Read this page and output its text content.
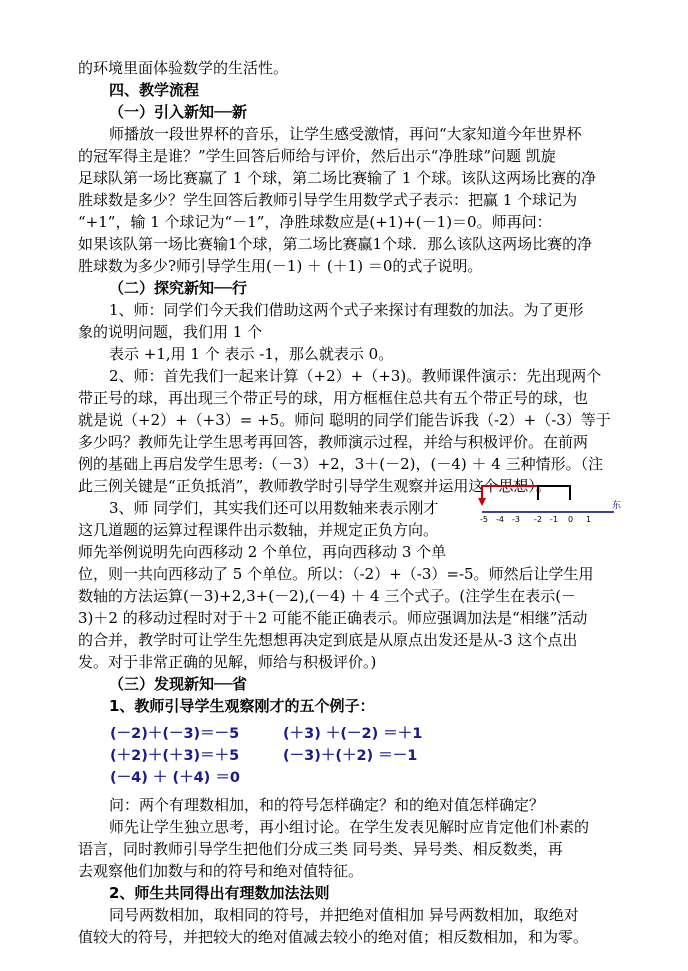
的环境里面体验数学的生活性。
四、教学流程
（一）引入新知──新
师播放一段世界杯的音乐，让学生感受激情，再问“大家知道今年世界杯
的冠军得主是谁？”学生回答后师给与评价，然后出示“净胜球”问题 凯旋
足球队第一场比赛赢了 1 个球，第二场比赛输了 1 个球。该队这两场比赛的净
胜球数是多少？学生回答后教师引导学生用数学式子表示：把赢 1 个球记为
“+1”，输 1 个球记为“－1”，净胜球数应是(+1)+(－1)＝0。师再问：
如果该队第一场比赛输1个球，第二场比赛赢1个球．那么该队这两场比赛的净
胜球数为多少?师引导学生用(－1) ＋ (＋1) ＝0的式子说明。
（二）探究新知──行
1、师：同学们今天我们借助这两个式子来探讨有理数的加法。为了更形
象的说明问题，我们用 1 个
表示 +1,用 1 个 表示 -1，那么就表示 0。
2、师：首先我们一起来计算（+2）+（+3)。教师课件演示：先出现两个
带正号的球，再出现三个带正号的球，用方框框住总共有五个带正号的球，也
就是说（+2）+（+3）= +5。师问 聪明的同学们能告诉我（-2）+（-3）等于
多少吗？教师先让学生思考再回答，教师演示过程，并给与积极评价。在前两
例的基础上再启发学生思考:（－3）+2，3＋(－2)，(－4) ＋ 4 三种情形。（注
此三例关键是“正负抵消”，教师教学时引导学生观察并运用这个思想）。
3、师 同学们，其实我们还可以用数轴来表示刚才
这几道题的运算过程课件出示数轴，并规定正负方向。
师先举例说明先向西移动 2 个单位，再向西移动 3 个单
-5 -4 -3 -2 -1 0 1
东
位，则一共向西移动了 5 个单位。所以：（-2）+（-3）=-5。师然后让学生用
数轴的方法运算(－3)+2,3+(－2),(－4) ＋ 4 三个式子。(注学生在表示(－
3)＋2 的移动过程时对于＋2 可能不能正确表示。师应强调加法是“相继”活动
的合并，教学时可让学生先想想再决定到底是从原点出发还是从-3 这个点出
发。对于非常正确的见解，师给与积极评价。)
（三）发现新知──省
1、教师引导学生观察刚才的五个例子：
(－2)＋(－3)＝－5	(＋3) ＋(－2) ＝＋1
(＋2)＋(＋3)＝＋5	(－3)＋(＋2) ＝－1
(－4) ＋ (＋4) ＝0
问：两个有理数相加，和的符号怎样确定？和的绝对值怎样确定？
师先让学生独立思考，再小组讨论。在学生发表见解时应肯定他们朴素的
语言，同时教师引导学生把他们分成三类 同号类、异号类、相反数类，再
去观察他们加数与和的符号和绝对值特征。
2、师生共同得出有理数加法法则
同号两数相加，取相同的符号，并把绝对值相加 异号两数相加，取绝对
值较大的符号，并把较大的绝对值减去较小的绝对值；相反数相加，和为零。
